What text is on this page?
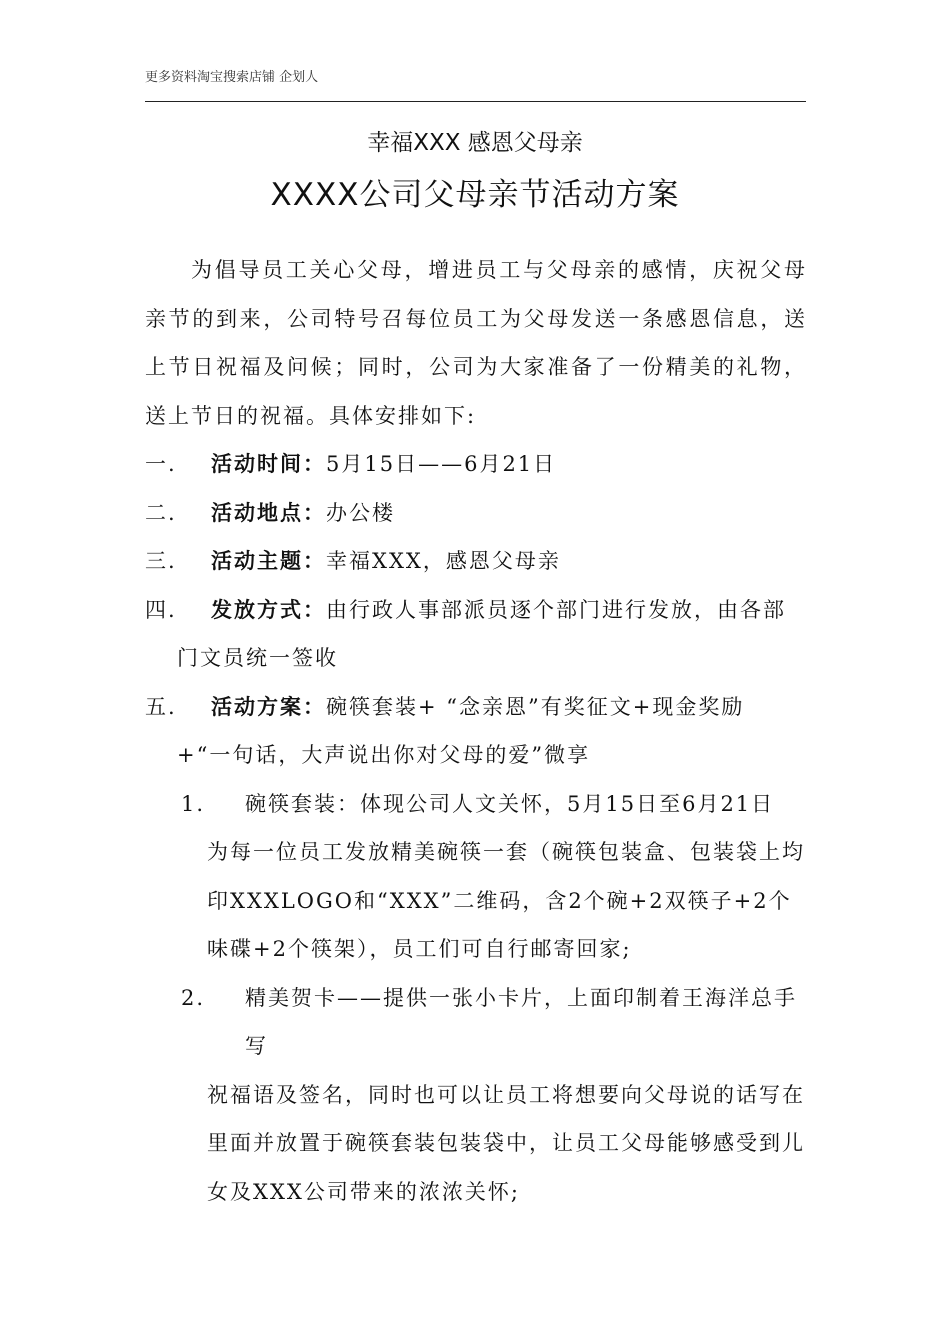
更多资料淘宝搜索店铺 企划人
幸福XXX 感恩父母亲
XXXX公司父母亲节活动方案

为倡导员工关心父母，增进员工与父母亲的感情，庆祝父母亲节的到来，公司特号召每位员工为父母发送一条感恩信息，送上节日祝福及问候；同时，公司为大家准备了一份精美的礼物，送上节日的祝福。具体安排如下:

一. 活动时间：5月15日——6月21日

二. 活动地点：办公楼

三. 活动主题：幸福XXX，感恩父母亲

四. 发放方式：由行政人事部派员逐个部门进行发放，由各部

门文员统一签收

五. 活动方案：碗筷套装+ “念亲恩”有奖征文+现金奖励

+“一句话，大声说出你对父母的爱”微享

1. 碗筷套装：体现公司人文关怀，5月15日至6月21日

为每一位员工发放精美碗筷一套（碗筷包装盒、包装袋上均印XXXLOGO和“XXX”二维码，含2个碗+2双筷子+2个味碟+2个筷架），员工们可自行邮寄回家;

2. 精美贺卡——提供一张小卡片，上面印制着王海洋总手写

祝福语及签名，同时也可以让员工将想要向父母说的话写在里面并放置于碗筷套装包装袋中，让员工父母能够感受到儿女及XXX公司带来的浓浓关怀;
